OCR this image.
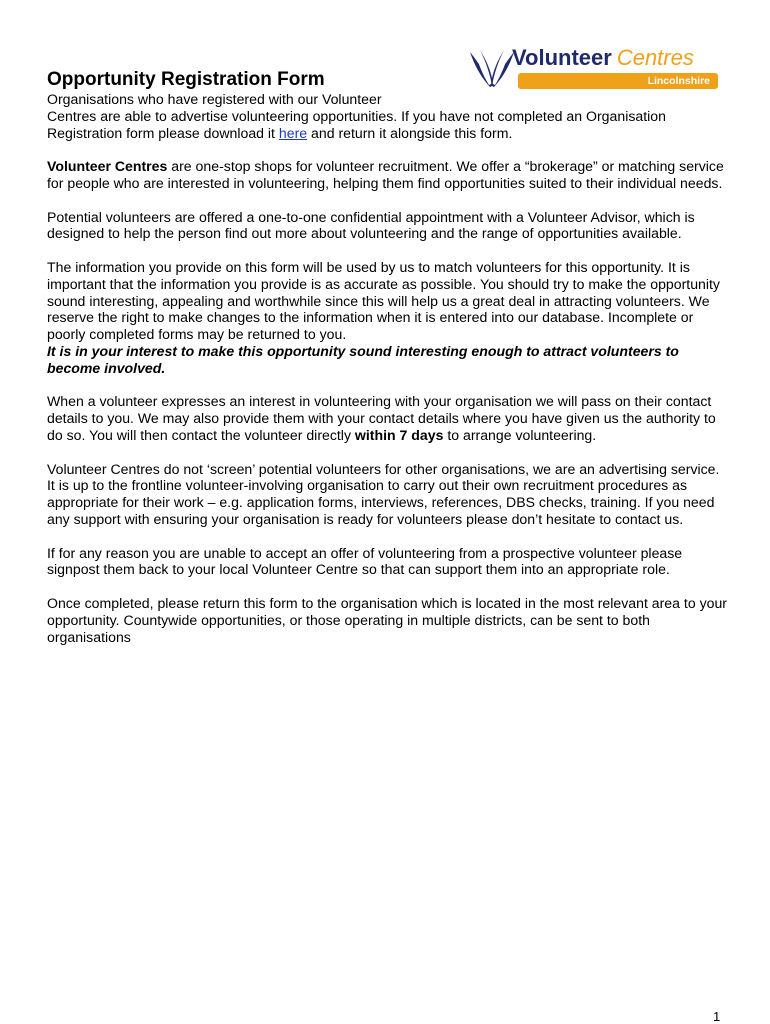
Volunteer Centres
Lincolnshire
Opportunity Registration Form

Organisations who have registered with our Volunteer
Centres are able to advertise volunteering opportunities. If you have not completed an Organisation Registration form please download it here and return it alongside this form.

Volunteer Centres are one-stop shops for volunteer recruitment. We offer a “brokerage” or matching service for people who are interested in volunteering, helping them find opportunities suited to their individual needs.

Potential volunteers are offered a one-to-one confidential appointment with a Volunteer Advisor, which is designed to help the person find out more about volunteering and the range of opportunities available.

The information you provide on this form will be used by us to match volunteers for this opportunity. It is important that the information you provide is as accurate as possible. You should try to make the opportunity sound interesting, appealing and worthwhile since this will help us a great deal in attracting volunteers. We reserve the right to make changes to the information when it is entered into our database. Incomplete or poorly completed forms may be returned to you.
It is in your interest to make this opportunity sound interesting enough to attract volunteers to become involved.

When a volunteer expresses an interest in volunteering with your organisation we will pass on their contact details to you. We may also provide them with your contact details where you have given us the authority to do so. You will then contact the volunteer directly within 7 days to arrange volunteering.

Volunteer Centres do not ‘screen’ potential volunteers for other organisations, we are an advertising service. It is up to the frontline volunteer-involving organisation to carry out their own recruitment procedures as appropriate for their work – e.g. application forms, interviews, references, DBS checks, training. If you need any support with ensuring your organisation is ready for volunteers please don’t hesitate to contact us.

If for any reason you are unable to accept an offer of volunteering from a prospective volunteer please signpost them back to your local Volunteer Centre so that can support them into an appropriate role.

Once completed, please return this form to the organisation which is located in the most relevant area to your opportunity. Countywide opportunities, or those operating in multiple districts, can be sent to both organisations

1
